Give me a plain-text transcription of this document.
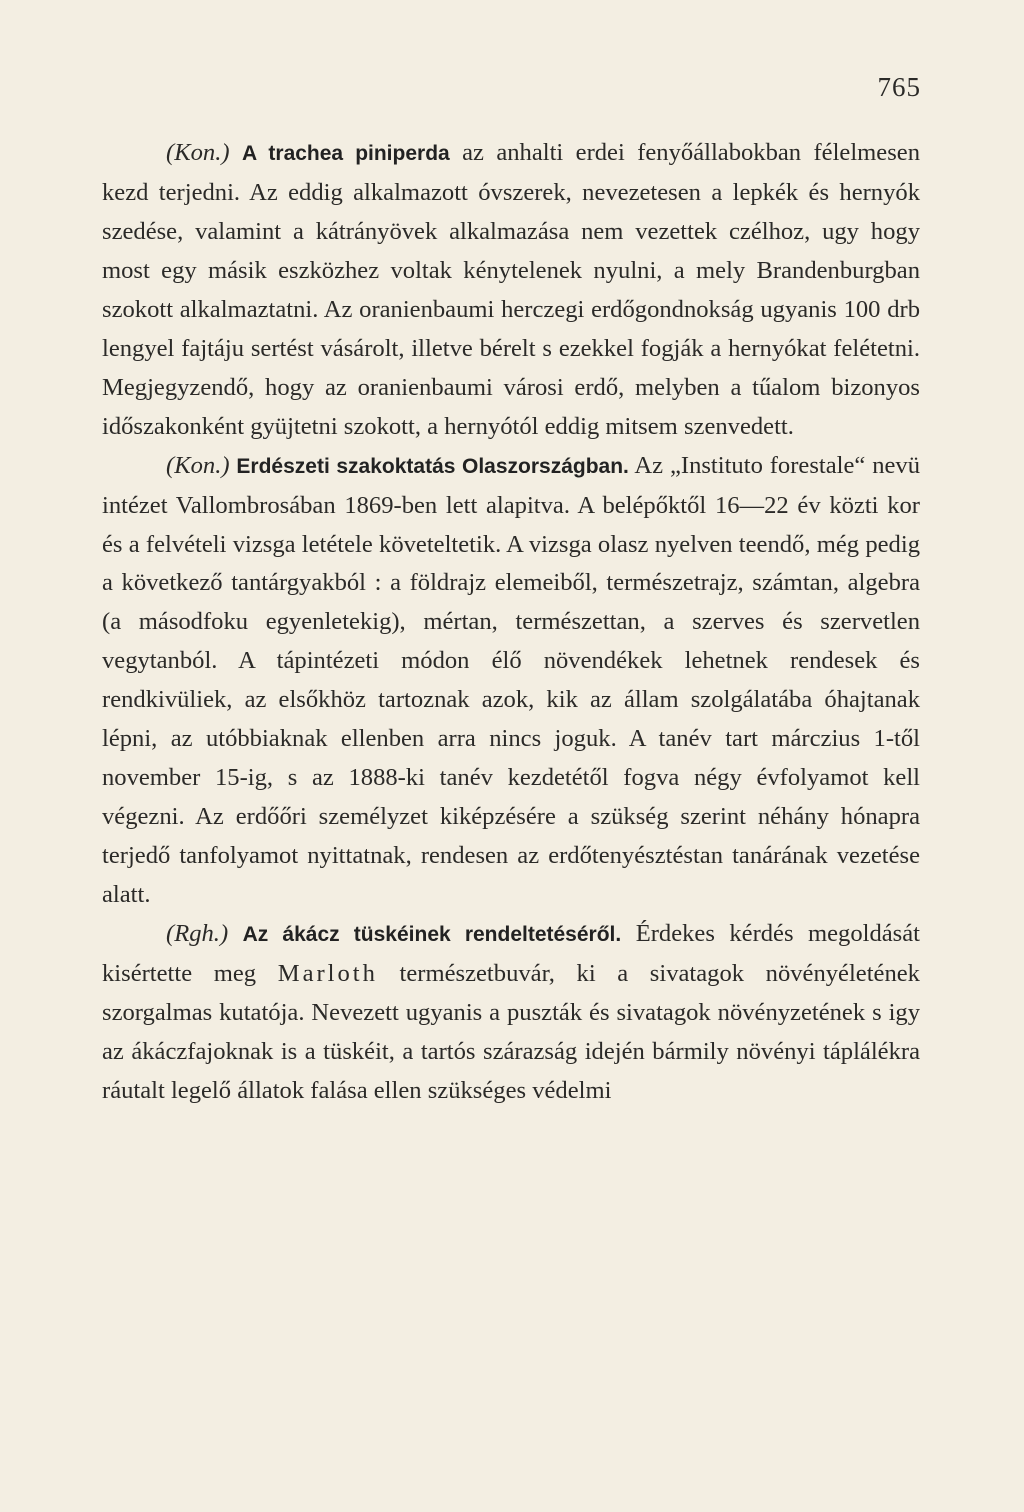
765

(Kon.) A trachea piniperda az anhalti erdei fenyőállabokban félelmesen kezd terjedni. Az eddig alkalmazott óvszerek, nevezetesen a lepkék és hernyók szedése, valamint a kátrányövek alkalmazása nem vezettek czélhoz, ugy hogy most egy másik eszközhez voltak kénytelenek nyulni, a mely Brandenburgban szokott alkalmaztatni. Az oranienbaumi herczegi erdőgondnokság ugyanis 100 drb lengyel fajtáju sertést vásárolt, illetve bérelt s ezekkel fogják a hernyókat felétetni. Megjegyzendő, hogy az oranienbaumi városi erdő, melyben a tűalom bizonyos időszakonként gyüjtetni szokott, a hernyótól eddig mitsem szenvedett.

(Kon.) Erdészeti szakoktatás Olaszországban. Az „Instituto forestale“ nevü intézet Vallombrosában 1869-ben lett alapitva. A belépőktől 16—22 év közti kor és a felvételi vizsga letétele követeltetik. A vizsga olasz nyelven teendő, még pedig a következő tantárgyakból : a földrajz elemeiből, természetrajz, számtan, algebra (a másodfoku egyenletekig), mértan, természettan, a szerves és szervetlen vegytanból. A tápintézeti módon élő növendékek lehetnek rendesek és rendkivüliek, az elsőkhöz tartoznak azok, kik az állam szolgálatába óhajtanak lépni, az utóbbiaknak ellenben arra nincs joguk. A tanév tart márczius 1-től november 15-ig, s az 1888-ki tanév kezdetétől fogva négy évfolyamot kell végezni. Az erdőőri személyzet kiképzésére a szükség szerint néhány hónapra terjedő tanfolyamot nyittatnak, rendesen az erdőtenyésztéstan tanárának vezetése alatt.

(Rgh.) Az ákácz tüskéinek rendeltetéséről. Érdekes kérdés megoldását kisértette meg Marloth természetbuvár, ki a sivatagok növényéletének szorgalmas kutatója. Nevezett ugyanis a puszták és sivatagok növényzetének s igy az ákáczfajoknak is a tüskéit, a tartós szárazság idején bármily növényi táplálékra ráutalt legelő állatok falása ellen szükséges védelmi
